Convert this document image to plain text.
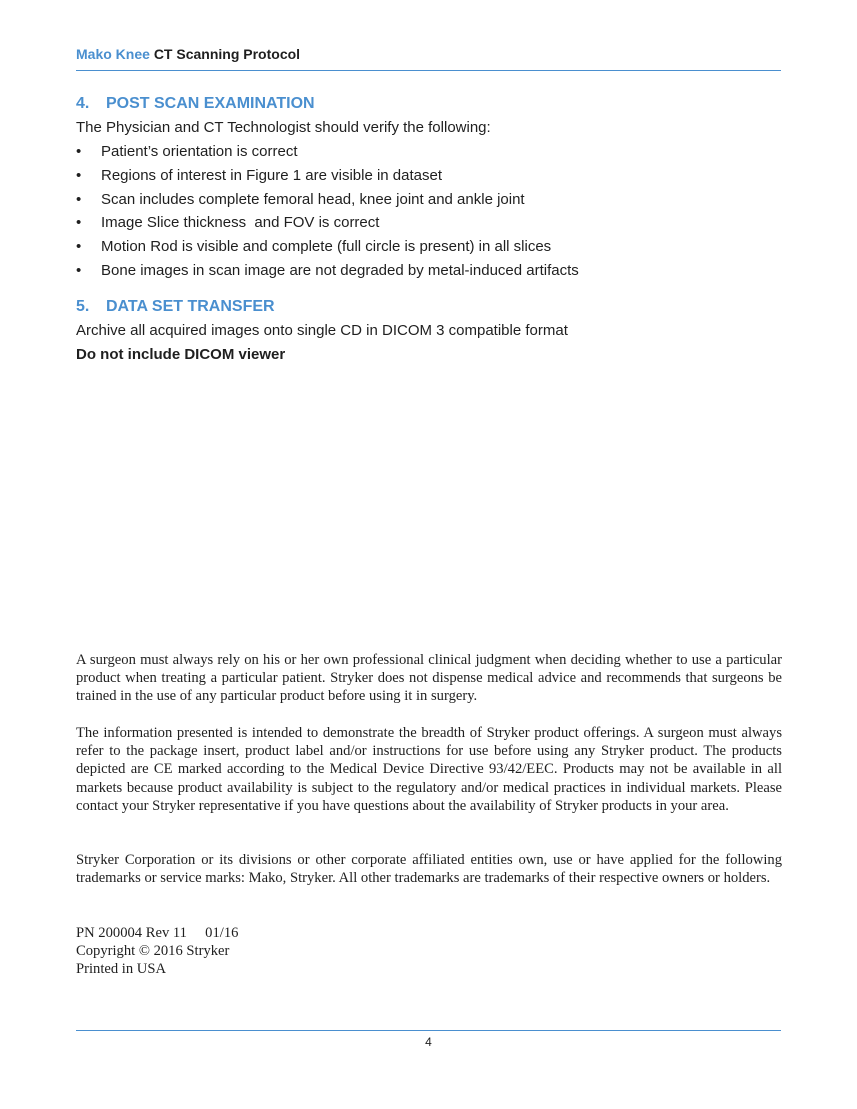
Mako Knee CT Scanning Protocol
4. POST SCAN EXAMINATION

The Physician and CT Technologist should verify the following:

• Patient’s orientation is correct
• Regions of interest in Figure 1 are visible in dataset
• Scan includes complete femoral head, knee joint and ankle joint
• Image Slice thickness  and FOV is correct
• Motion Rod is visible and complete (full circle is present) in all slices
• Bone images in scan image are not degraded by metal-induced artifacts
5. DATA SET TRANSFER

Archive all acquired images onto single CD in DICOM 3 compatible format

Do not include DICOM viewer

A surgeon must always rely on his or her own professional clinical judgment when deciding whether to use a particular product when treating a particular patient. Stryker does not dispense medical advice and recommends that surgeons be trained in the use of any particular product before using it in surgery.

The information presented is intended to demonstrate the breadth of Stryker product offerings. A surgeon must always refer to the package insert, product label and/or instructions for use before using any Stryker product. The products depicted are CE marked according to the Medical Device Directive 93/42/EEC. Products may not be available in all markets because product availability is subject to the regulatory and/or medical practices in individual markets. Please contact your Stryker representative if you have questions about the availability of Stryker products in your area.

Stryker Corporation or its divisions or other corporate affiliated entities own, use or have applied for the following trademarks or service marks: Mako, Stryker. All other trademarks are trademarks of their respective owners or holders.

PN 200004 Rev 11     01/16
Copyright © 2016 Stryker
Printed in USA
4
